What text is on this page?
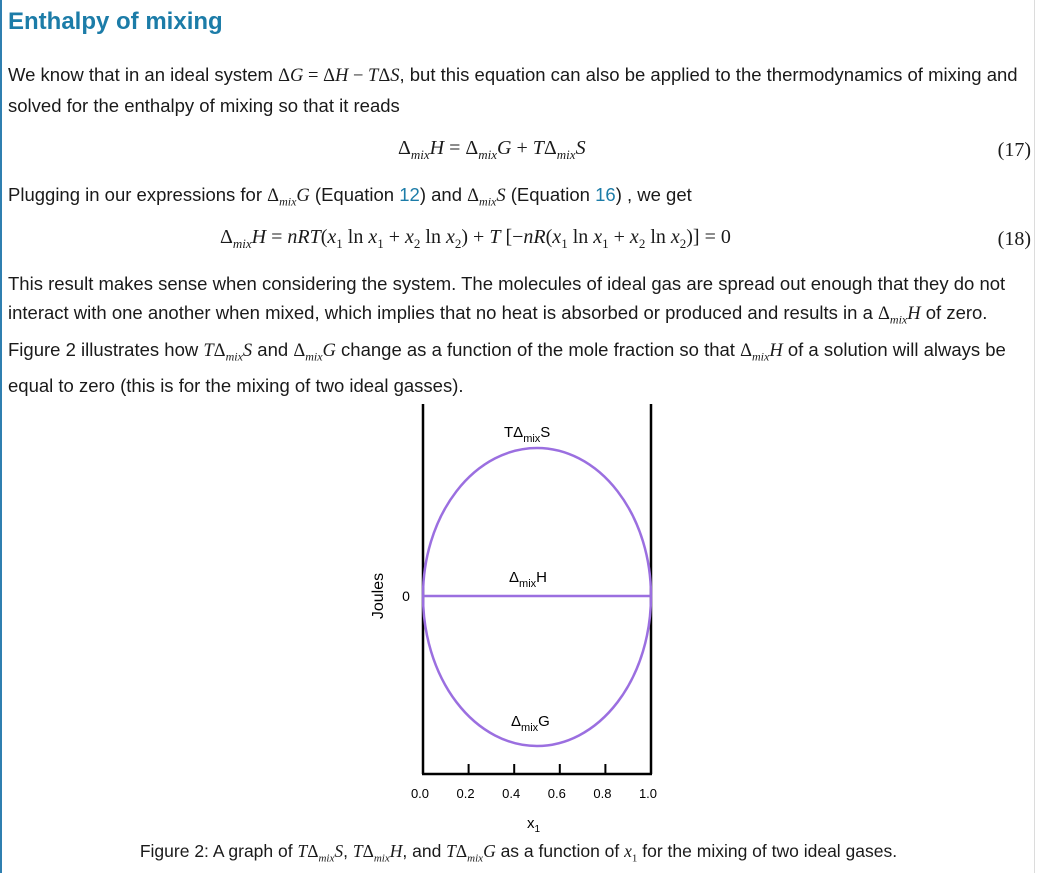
Enthalpy of mixing

We know that in an ideal system ΔG = ΔH − TΔS, but this equation can also be applied to the thermodynamics of mixing and solved for the enthalpy of mixing so that it reads

$\Delta_{mix}H = \Delta_{mix}G + T\Delta_{mix}S$	(17)

Plugging in our expressions for $\Delta_{mix}G$ (Equation 12) and $\Delta_{mix}S$ (Equation 16) , we get

$\Delta_{mix}H = nRT(x_1$ $\ln x_1 + x_2$ $\ln x_2) + T$ [$-nR(x_1$ $\ln x_1 + x_2$ $\ln x_2)] = 0$	(18)

This result makes sense when considering the system. The molecules of ideal gas are spread out enough that they do not interact with one another when mixed, which implies that no heat is absorbed or produced and results in a $\Delta_{mix}H$ of zero. Figure 2 illustrates how $T\Delta_{mix}S$ and $\Delta_{mix}G$ change as a function of the mole fraction so that $\Delta_{mix}H$ of a solution will always be equal to zero (this is for the mixing of two ideal gasses).

0.0 0.2 0.4 0.6 0.8 1.0
0
Joules
$x_1$
$T\Delta_{mix}S$
$\Delta_{mix}H$
$\Delta_{mix}G$

Figure 2: A graph of $T\Delta_{mix}S$, $T\Delta_{mix}H$, and $T\Delta_{mix}G$ as a function of $x_1$ for the mixing of two ideal gases.
